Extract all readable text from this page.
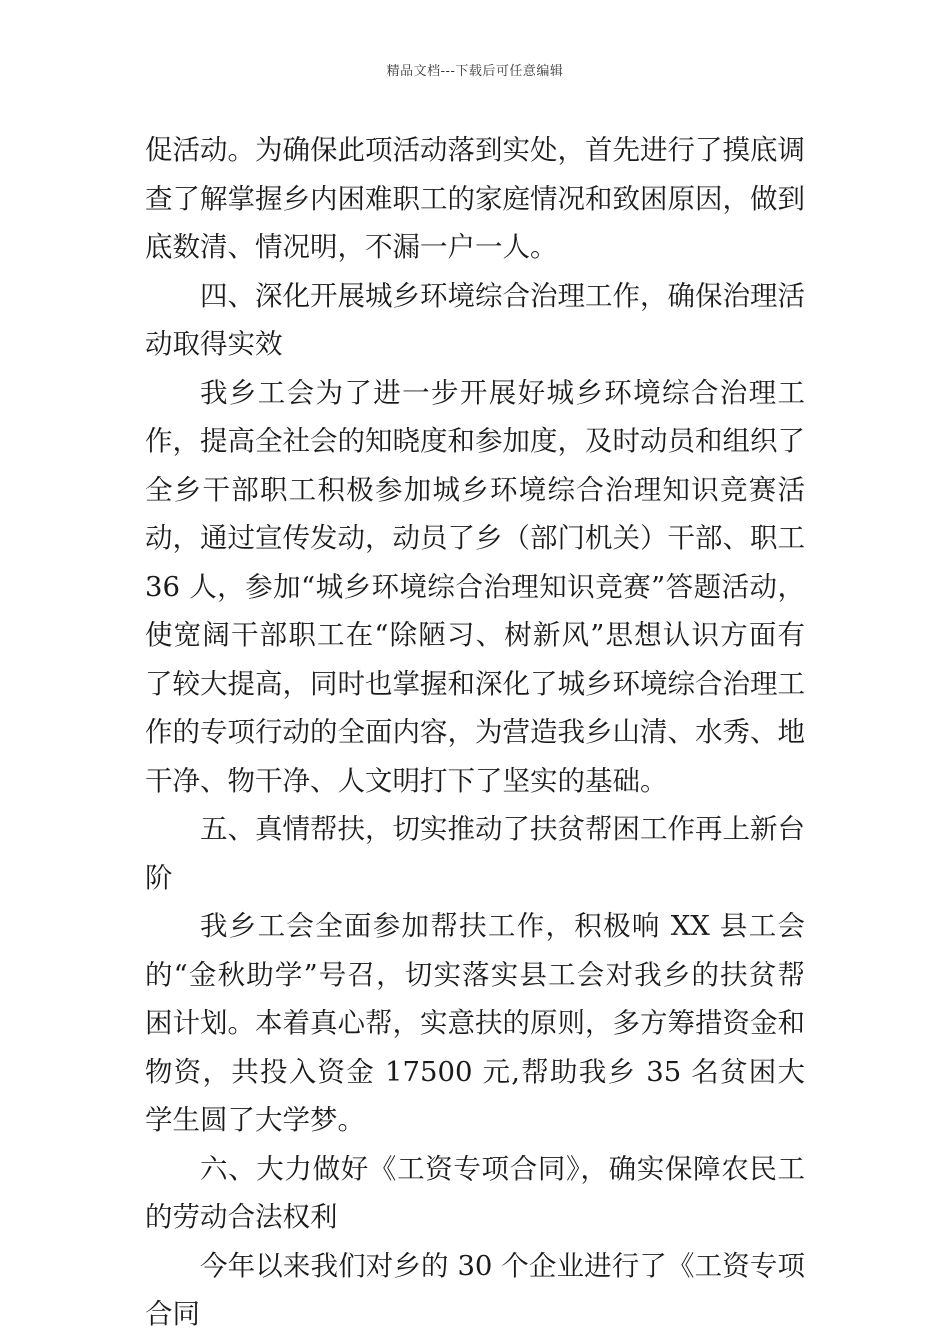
精品文档---下载后可任意编辑

促活动。为确保此项活动落到实处，首先进行了摸底调查了解掌握乡内困难职工的家庭情况和致困原因，做到底数清、情况明，不漏一户一人。

四、深化开展城乡环境综合治理工作，确保治理活动取得实效

我乡工会为了进一步开展好城乡环境综合治理工作，提高全社会的知晓度和参加度，及时动员和组织了全乡干部职工积极参加城乡环境综合治理知识竞赛活动，通过宣传发动，动员了乡（部门机关）干部、职工 36 人，参加“城乡环境综合治理知识竞赛”答题活动，使宽阔干部职工在“除陋习、树新风”思想认识方面有了较大提高，同时也掌握和深化了城乡环境综合治理工作的专项行动的全面内容，为营造我乡山清、水秀、地干净、物干净、人文明打下了坚实的基础。

五、真情帮扶，切实推动了扶贫帮困工作再上新台阶

我乡工会全面参加帮扶工作，积极响 XX 县工会的“金秋助学”号召，切实落实县工会对我乡的扶贫帮困计划。本着真心帮，实意扶的原则，多方筹措资金和物资，共投入资金 17500 元,帮助我乡 35 名贫困大学生圆了大学梦。

六、大力做好《工资专项合同》，确实保障农民工的劳动合法权利

今年以来我们对乡的 30 个企业进行了《工资专项合同
